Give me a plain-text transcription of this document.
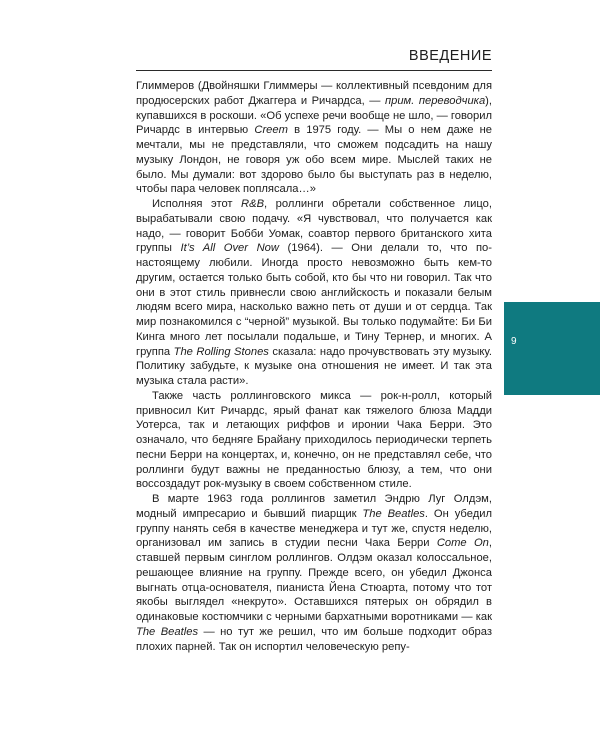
ВВЕДЕНИЕ

Глиммеров (Двойняшки Глиммеры — коллективный псевдоним для продюсерских работ Джаггера и Ричардса, — прим. переводчика), купавшихся в роскоши. «Об успехе речи вообще не шло, — говорил Ричардс в интервью Creem в 1975 году. — Мы о нем даже не мечтали, мы не представляли, что сможем подсадить на нашу музыку Лондон, не говоря уж обо всем мире. Мыслей таких не было. Мы думали: вот здорово было бы выступать раз в неделю, чтобы пара человек поплясала…»

Исполняя этот R&B, роллинги обретали собственное лицо, вырабатывали свою подачу. «Я чувствовал, что получается как надо, — говорит Бобби Уомак, соавтор первого британского хита группы It’s All Over Now (1964). — Они делали то, что по-настоящему любили. Иногда просто невозможно быть кем-то другим, остается только быть собой, кто бы что ни говорил. Так что они в этот стиль привнесли свою английскость и показали белым людям всего мира, насколько важно петь от души и от сердца. Так мир познакомился с “черной” музыкой. Вы только подумайте: Би Би Кинга много лет посылали подальше, и Тину Тернер, и многих. А группа The Rolling Stones сказала: надо прочувствовать эту музыку. Политику забудьте, к музыке она отношения не имеет. И так эта музыка стала расти».

Также часть роллинговского микса — рок-н-ролл, который привносил Кит Ричардс, ярый фанат как тяжелого блюза Мадди Уотерса, так и летающих риффов и иронии Чака Берри. Это означало, что бедняге Брайану приходилось периодически терпеть песни Берри на концертах, и, конечно, он не представлял себе, что роллинги будут важны не преданностью блюзу, а тем, что они воссоздадут рок-музыку в своем собственном стиле.

В марте 1963 года роллингов заметил Эндрю Луг Олдэм, модный импресарио и бывший пиарщик The Beatles. Он убедил группу нанять себя в качестве менеджера и тут же, спустя неделю, организовал им запись в студии песни Чака Берри Come On, ставшей первым синглом роллингов. Олдэм оказал колоссальное, решающее влияние на группу. Прежде всего, он убедил Джонса выгнать отца-основателя, пианиста Йена Стюарта, потому что тот якобы выглядел «некруто». Оставшихся пятерых он обрядил в одинаковые костюмчики с черными бархатными воротниками — как The Beatles — но тут же решил, что им больше подходит образ плохих парней. Так он испортил человеческую репу-

9
